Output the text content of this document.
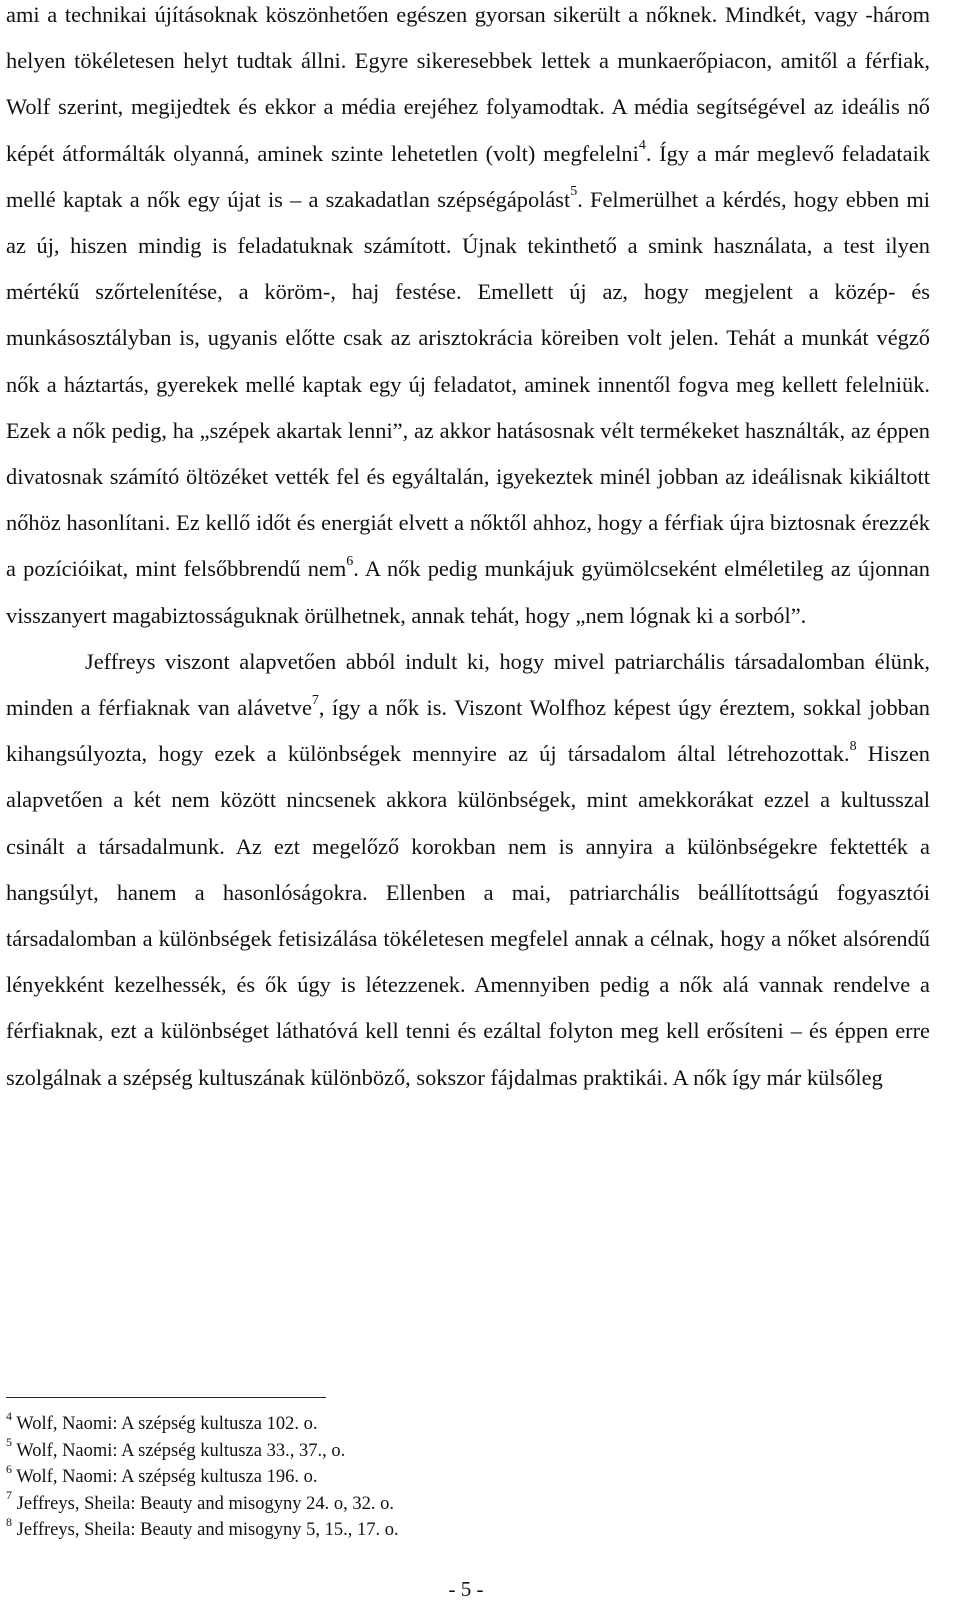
ami a technikai újításoknak köszönhetően egészen gyorsan sikerült a nőknek. Mindkét, vagy -három helyen tökéletesen helyt tudtak állni. Egyre sikeresebbek lettek a munkaerőpiacon, amitől a férfiak, Wolf szerint, megijedtek és ekkor a média erejéhez folyamodtak. A média segítségével az ideális nő képét átformálták olyanná, aminek szinte lehetetlen (volt) megfelelni$^4$. Így a már meglevő feladataik mellé kaptak a nők egy újat is – a szakadatlan szépségápolást$^5$. Felmerülhet a kérdés, hogy ebben mi az új, hiszen mindig is feladatuknak számított. Újnak tekinthető a smink használata, a test ilyen mértékű szőrtelenítése, a köröm-, haj festése. Emellett új az, hogy megjelent a közép- és munkásosztályban is, ugyanis előtte csak az arisztokrácia köreiben volt jelen. Tehát a munkát végző nők a háztartás, gyerekek mellé kaptak egy új feladatot, aminek innentől fogva meg kellett felelniük. Ezek a nők pedig, ha „szépek akartak lenni”, az akkor hatásosnak vélt termékeket használták, az éppen divatosnak számító öltözéket vették fel és egyáltalán, igyekeztek minél jobban az ideálisnak kikiáltott nőhöz hasonlítani. Ez kellő időt és energiát elvett a nőktől ahhoz, hogy a férfiak újra biztosnak érezzék a pozícióikat, mint felsőbbrendű nem$^6$. A nők pedig munkájuk gyümölcseként elméletileg az újonnan visszanyert magabiztosságuknak örülhetnek, annak tehát, hogy „nem lógnak ki a sorból”.

Jeffreys viszont alapvetően abból indult ki, hogy mivel patriarchális társadalomban élünk, minden a férfiaknak van alávetve$^7$, így a nők is. Viszont Wolfhoz képest úgy éreztem, sokkal jobban kihangsúlyozta, hogy ezek a különbségek mennyire az új társadalom által létrehozottak.$^8$ Hiszen alapvetően a két nem között nincsenek akkora különbségek, mint amekkorákat ezzel a kultusszal csinált a társadalmunk. Az ezt megelőző korokban nem is annyira a különbségekre fektették a hangsúlyt, hanem a hasonlóságokra. Ellenben a mai, patriarchális beállítottságú fogyasztói társadalomban a különbségek fetisizálása tökéletesen megfelel annak a célnak, hogy a nőket alsórendű lényekként kezelhessék, és ők úgy is létezzenek. Amennyiben pedig a nők alá vannak rendelve a férfiaknak, ezt a különbséget láthatóvá kell tenni és ezáltal folyton meg kell erősíteni – és éppen erre szolgálnak a szépség kultuszának különböző, sokszor fájdalmas praktikái. A nők így már külsőleg

$^4$ Wolf, Naomi: A szépség kultusza 102. o.

$^5$ Wolf, Naomi: A szépség kultusza 33., 37., o.

$^6$ Wolf, Naomi: A szépség kultusza 196. o.

$^7$ Jeffreys, Sheila: Beauty and misogyny 24. o, 32. o.

$^8$ Jeffreys, Sheila: Beauty and misogyny 5, 15., 17. o.

- 5 -
